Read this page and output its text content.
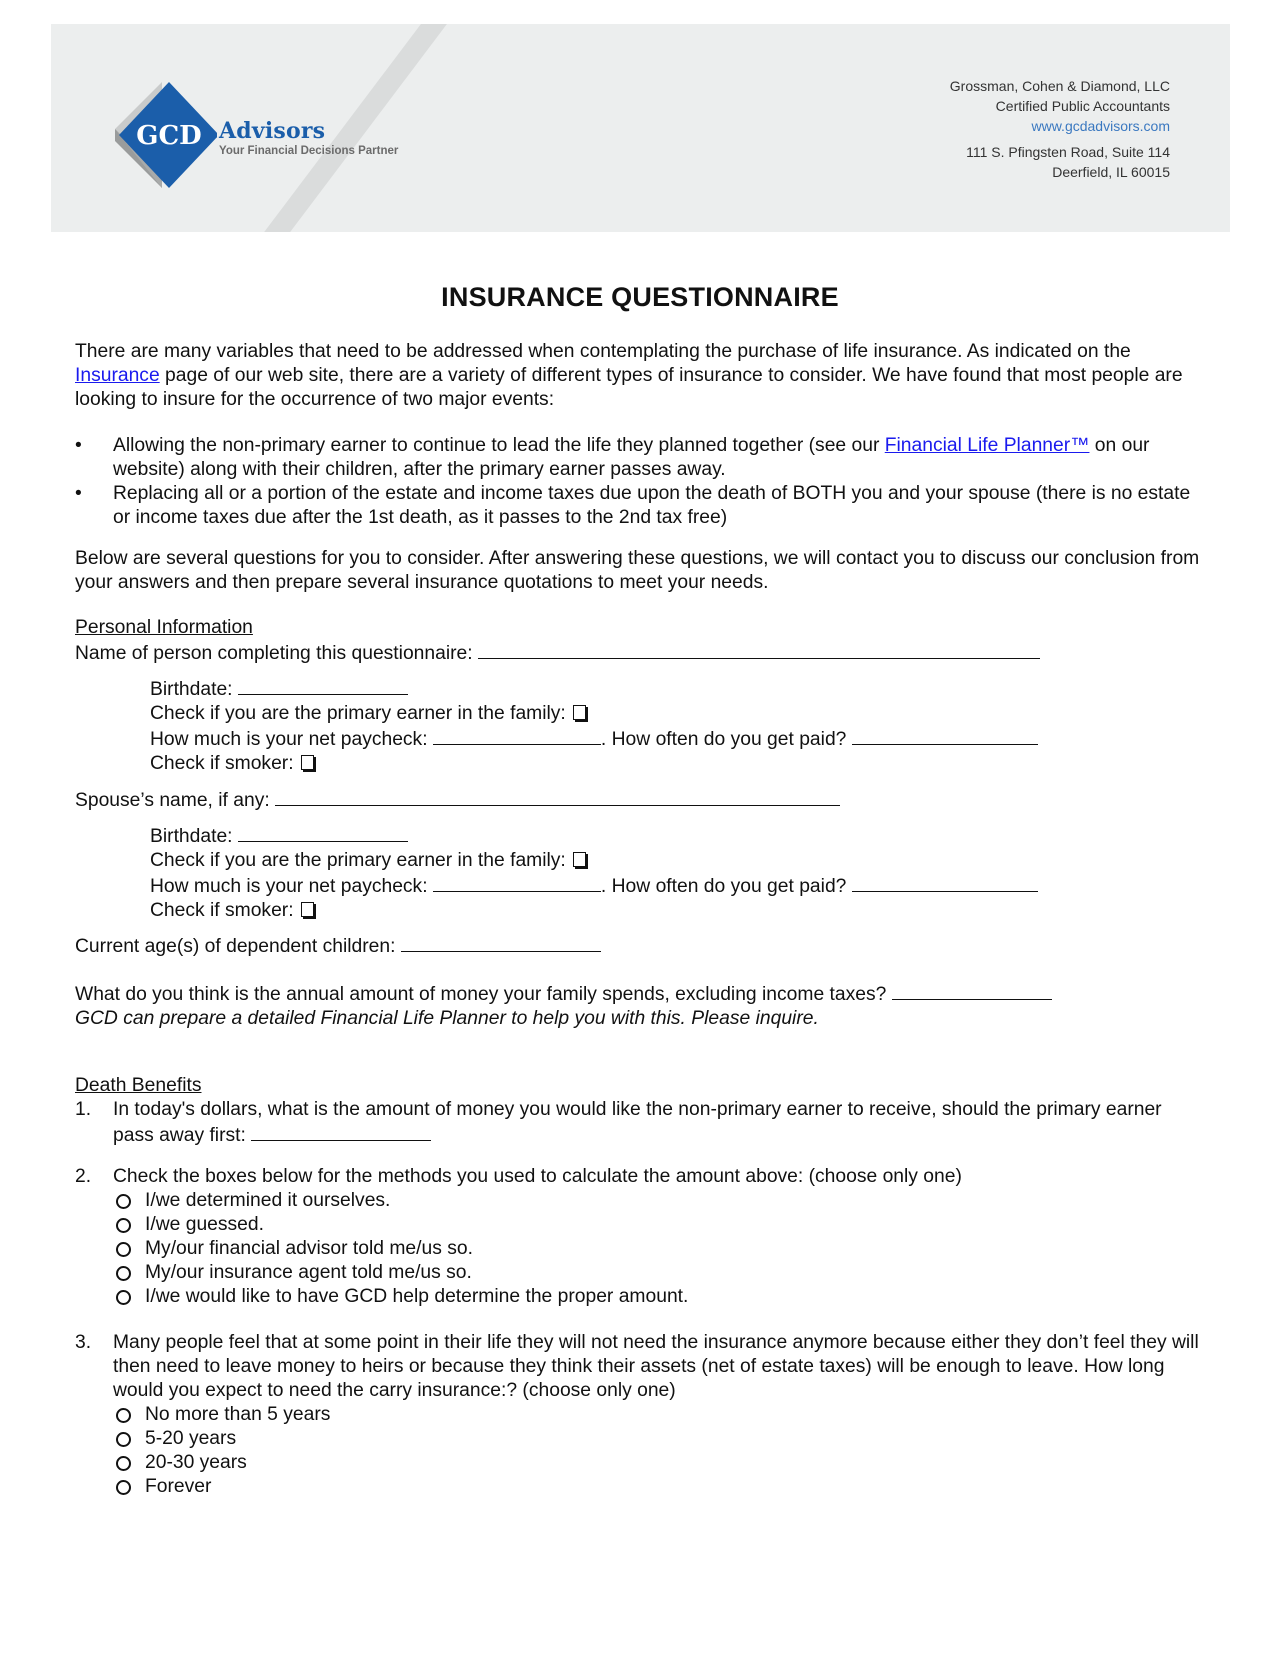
GCD Advisors
Your Financial Decisions Partner
Grossman, Cohen & Diamond, LLC
Certified Public Accountants
www.gcdadvisors.com
111 S. Pfingsten Road, Suite 114
Deerfield, IL 60015
INSURANCE QUESTIONNAIRE

There are many variables that need to be addressed when contemplating the purchase of life insurance. As indicated on the Insurance page of our web site, there are a variety of different types of insurance to consider. We have found that most people are looking to insure for the occurrence of two major events:

• Allowing the non-primary earner to continue to lead the life they planned together (see our Financial Life Planner™ on our website) along with their children, after the primary earner passes away.
• Replacing all or a portion of the estate and income taxes due upon the death of BOTH you and your spouse (there is no estate or income taxes due after the 1st death, as it passes to the 2nd tax free)

Below are several questions for you to consider. After answering these questions, we will contact you to discuss our conclusion from your answers and then prepare several insurance quotations to meet your needs.

Personal Information

Name of person completing this questionnaire:

Birthdate:

Check if you are the primary earner in the family:

How much is your net paycheck:	. How often do you get paid?

Check if smoker:

Spouse’s name, if any:

Birthdate:

Check if you are the primary earner in the family:

How much is your net paycheck:	. How often do you get paid?

Check if smoker:

Current age(s) of dependent children:

What do you think is the annual amount of money your family spends, excluding income taxes?

GCD can prepare a detailed Financial Life Planner to help you with this. Please inquire.

Death Benefits
1. In today's dollars, what is the amount of money you would like the non-primary earner to receive, should the primary earner pass away first:
2. Check the boxes below for the methods you used to calculate the amount above: (choose only one)
I/we determined it ourselves.
I/we guessed.
My/our financial advisor told me/us so.
My/our insurance agent told me/us so.
I/we would like to have GCD help determine the proper amount.
3. Many people feel that at some point in their life they will not need the insurance anymore because either they don’t feel they will then need to leave money to heirs or because they think their assets (net of estate taxes) will be enough to leave. How long would you expect to need the carry insurance:? (choose only one)
No more than 5 years
5-20 years
20-30 years
Forever
